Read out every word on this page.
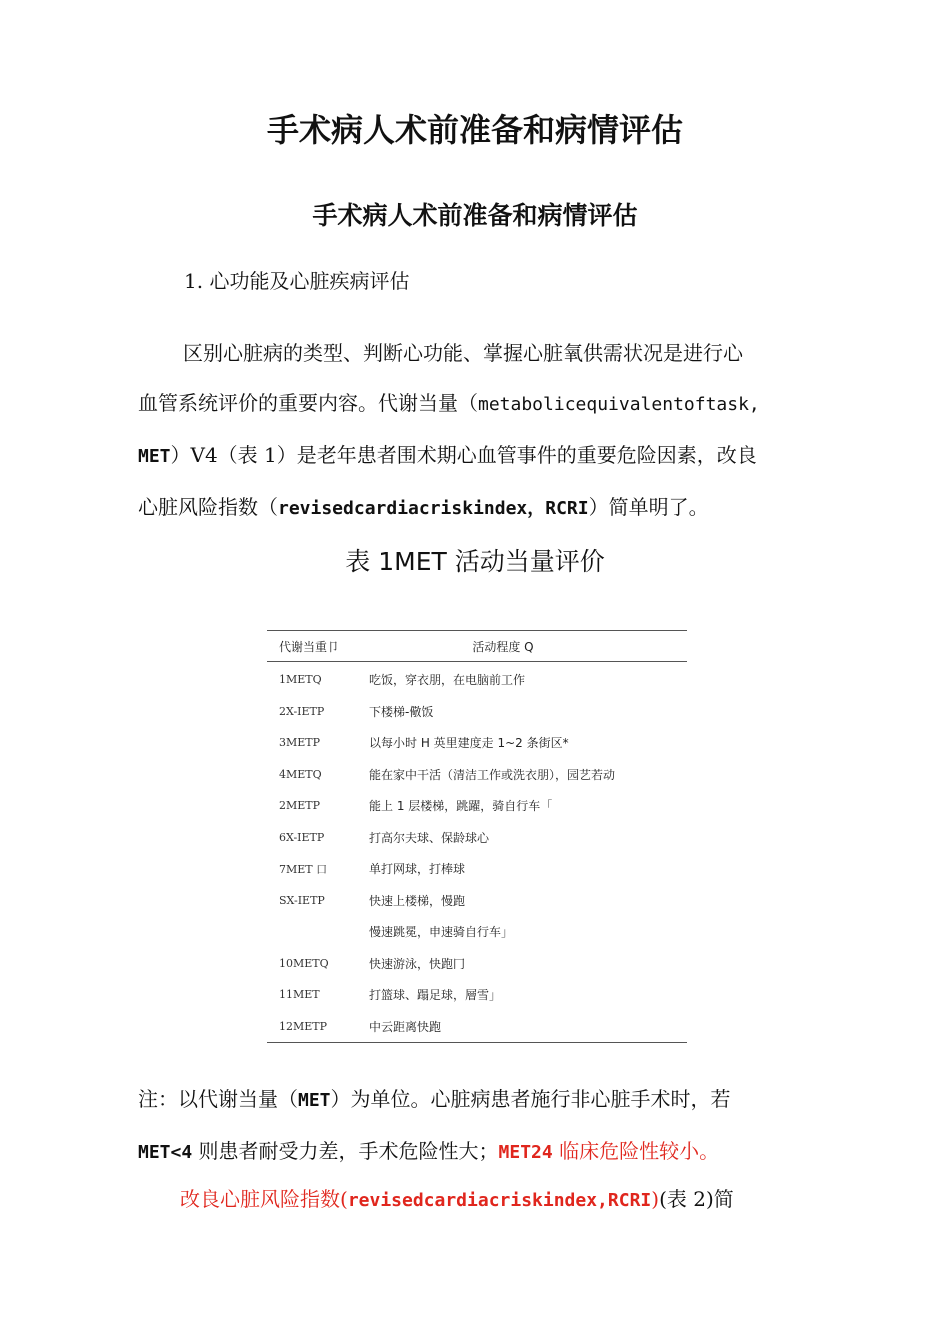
手术病人术前准备和病情评估
手术病人术前准备和病情评估

1. 心功能及心脏疾病评估

区别心脏病的类型、判断心功能、掌握心脏氧供需状况是进行心
血管系统评价的重要内容。代谢当量（metabolicequivalentoftask,
MET）V4（表 1）是老年患者围术期心血管事件的重要危险因素，改良
心脏风险指数（revisedcardiacriskindex，RCRI）简单明了。

表 1MET 活动当量评价

代谢当重卩	活动程度 Q
1METQ	吃饭，穿衣朋，在电脑前工作
2X-IETP	下楼梯-儆饭
3METP	以每小时 H 英里建度走 1~2 条街区*
4METQ	能在家中干活（清洁工作或洗衣朋），园艺若动
2METP	能上 1 层楼梯，跳躍，骑自行车「
6X-IETP	打高尔夫球、保龄球心
7MET 口	单打网球，打棒球
SX-IETP	快速上楼梯，慢跑
	慢速跳冕，申速骑自行车」
10METQ	快速游泳，快跑冂
11MET	打篮球、蹋足球，層雪」
12METP	中云距离快跑

注：以代谢当量（MET）为单位。心脏病患者施行非心脏手术时，若
MET<4 则患者耐受力差，手术危险性大；MET24 临床危险性较小。

改良心脏风险指数(revisedcardiacriskindex,RCRI)(表 2)简
